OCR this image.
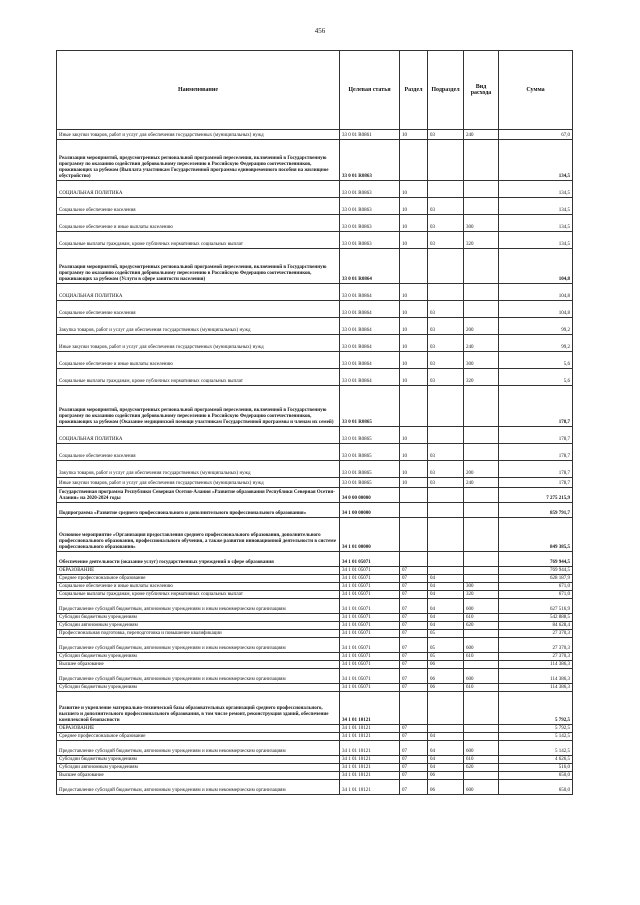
456
Наименование	Целевая статья	Раздел	Подраздел	Вид расхода	Сумма
Иные закупки товаров, работ и услуг для обеспечения государственных (муниципальных) нужд	33 0 01 R0861	10	03	240	67,0
Реализация мероприятий, предусмотренных региональной программой переселения, включенной в Государственную программу по оказанию содействия добровольному переселению в Российскую Федерацию соотечественников, проживающих за рубежом (Выплата участникам Государственной программы единовременного пособия на жилищное обустройство)	33 0 01 R0863				134,5
СОЦИАЛЬНАЯ ПОЛИТИКА	33 0 01 R0863	10			134,5
Социальное обеспечение населения	33 0 01 R0863	10	03		134,5
Социальное обеспечение и иные выплаты населению	33 0 01 R0863	10	03	300	134,5
Социальные выплаты гражданам, кроме публичных нормативных социальных выплат	33 0 01 R0863	10	03	320	134,5
Реализация мероприятий, предусмотренных региональной программой переселения, включенной в Государственную программу по оказанию содействия добровольному переселению в Российскую Федерацию соотечественников, проживающих за рубежом (Услуги в сфере занятости населения)	33 0 01 R0864				104,8
СОЦИАЛЬНАЯ ПОЛИТИКА	33 0 01 R0864	10			104,8
Социальное обеспечение населения	33 0 01 R0864	10	03		104,8
Закупка товаров, работ и услуг для обеспечения государственных (муниципальных) нужд	33 0 01 R0864	10	03	200	99,2
Иные закупки товаров, работ и услуг для обеспечения государственных (муниципальных) нужд	33 0 01 R0864	10	03	240	99,2
Социальное обеспечение и иные выплаты населению	33 0 01 R0864	10	03	300	5,6
Социальные выплаты гражданам, кроме публичных нормативных социальных выплат	33 0 01 R0864	10	03	320	5,6
Реализация мероприятий, предусмотренных региональной программой переселения, включенной в Государственную программу по оказанию содействия добровольному переселению в Российскую Федерацию соотечественников, проживающих за рубежом (Оказание медицинской помощи участникам Государственной программы и членам их семей)	33 0 01 R0865				178,7
СОЦИАЛЬНАЯ ПОЛИТИКА	33 0 01 R0865	10			178,7
Социальное обеспечение населения	33 0 01 R0865	10	03		178,7
Закупка товаров, работ и услуг для обеспечения государственных (муниципальных) нужд	33 0 01 R0865	10	03	200	178,7
Иные закупки товаров, работ и услуг для обеспечения государственных (муниципальных) нужд	33 0 01 R0865	10	03	240	178,7
Государственная программа Республики Северная Осетия-Алания «Развитие образования Республики Северная Осетия-Алания» на 2020-2024 годы	34 0 00 00000				7 275 215,9
Подпрограмма «Развитие среднего профессионального и дополнительного профессионального образования»	34 1 00 00000				859 791,7
Основное мероприятие «Организация предоставления среднего профессионального образования, дополнительного профессионального образования, профессионального обучения, а также развития инновационной деятельности в системе профессионального образования»	34 1 01 00000				849 385,5
Обеспечение деятельности (оказание услуг) государственных учреждений в сфере образования	34 1 01 05071				769 944,5
ОБРАЗОВАНИЕ	34 1 01 05071	07			769 944,5
Среднее профессиональное образование	34 1 01 05071	07	04		628 187,9
Социальное обеспечение и иные выплаты населению	34 1 01 05071	07	04	300	671,0
Социальные выплаты гражданам, кроме публичных нормативных социальных выплат	34 1 01 05071	07	04	320	671,0
Предоставление субсидий бюджетным, автономным учреждениям и иным некоммерческим организациям	34 1 01 05071	07	04	600	627 516,9
Субсидии бюджетным учреждениям	34 1 01 05071	07	04	610	542 888,5
Субсидии автономным учреждениям	34 1 01 05071	07	04	620	84 628,4
Профессиональная подготовка, переподготовка и повышение квалификации	34 1 01 05071	07	05		27 370,3
Предоставление субсидий бюджетным, автономным учреждениям и иным некоммерческим организациям	34 1 01 05071	07	05	600	27 370,3
Субсидии бюджетным учреждениям	34 1 01 05071	07	05	610	27 370,3
Высшее образование	34 1 01 05071	07	06		114 386,3
Предоставление субсидий бюджетным, автономным учреждениям и иным некоммерческим организациям	34 1 01 05071	07	06	600	114 386,3
Субсидии бюджетным учреждениям	34 1 01 05071	07	06	610	114 386,3
Развитие и укрепление материально-технической базы образовательных организаций среднего профессионального, высшего и дополнительного профессионального образования, в том числе ремонт, реконструкция зданий, обеспечение комплексной безопасности	34 1 01 10121				5 792,5
ОБРАЗОВАНИЕ	34 1 01 10121	07			5 792,5
Среднее профессиональное образование	34 1 01 10121	07	04		5 142,5
Предоставление субсидий бюджетным, автономным учреждениям и иным некоммерческим организациям	34 1 01 10121	07	04	600	5 142,5
Субсидии бюджетным учреждениям	34 1 01 10121	07	04	610	4 626,5
Субсидии автономным учреждениям	34 1 01 10121	07	04	620	516,0
Высшее образование	34 1 01 10121	07	06		650,0
Предоставление субсидий бюджетным, автономным учреждениям и иным некоммерческим организациям	34 1 01 10121	07	06	600	650,0
